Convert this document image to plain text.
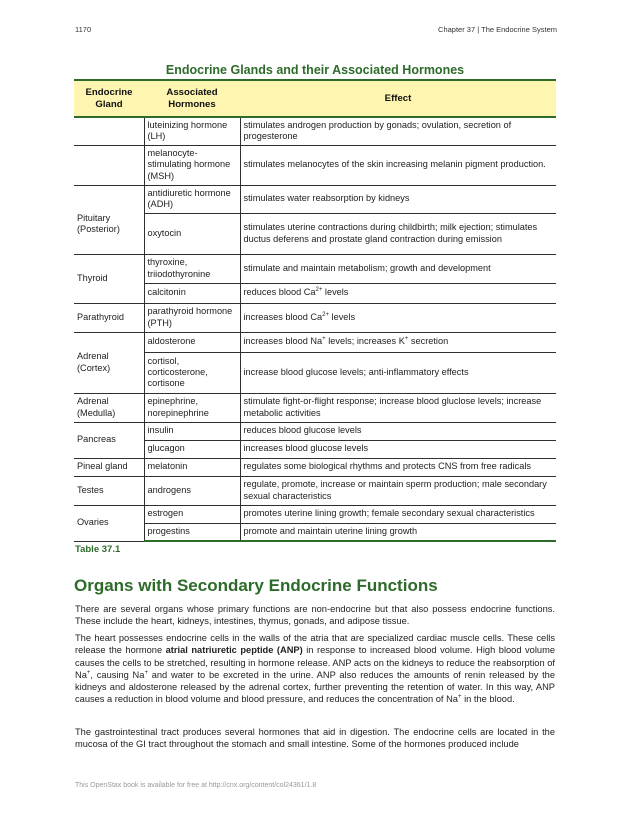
1170	Chapter 37 | The Endocrine System
Endocrine Glands and their Associated Hormones
Endocrine Gland	Associated Hormones	Effect
	luteinizing hormone (LH)	stimulates androgen production by gonads; ovulation, secretion of progesterone
	melanocyte-stimulating hormone (MSH)	stimulates melanocytes of the skin increasing melanin pigment production.
	antidiuretic hormone (ADH)	stimulates water reabsorption by kidneys
Pituitary (Posterior)	oxytocin	stimulates uterine contractions during childbirth; milk ejection; stimulates ductus deferens and prostate gland contraction during emission
Thyroid	thyroxine, triiodothyronine	stimulate and maintain metabolism; growth and development
	calcitonin	reduces blood $Ca^{2+}$ levels
Parathyroid	parathyroid hormone (PTH)	increases blood $Ca^{2+}$ levels
Adrenal (Cortex)	aldosterone	increases blood Na+ levels; increases K+ secretion
	cortisol, corticosterone, cortisone	increase blood glucose levels; anti-inflammatory effects
Adrenal (Medulla)	epinephrine, norepinephrine	stimulate fight-or-flight response; increase blood gluclose levels; increase metabolic activities
Pancreas	insulin	reduces blood glucose levels
	glucagon	increases blood glucose levels
Pineal gland	melatonin	regulates some biological rhythms and protects CNS from free radicals
Testes	androgens	regulate, promote, increase or maintain sperm production; male secondary sexual characteristics
Ovaries	estrogen	promotes uterine lining growth; female secondary sexual characteristics
	progestins	promote and maintain uterine lining growth
Table 37.1
Organs with Secondary Endocrine Functions

There are several organs whose primary functions are non-endocrine but that also possess endocrine functions. These include the heart, kidneys, intestines, thymus, gonads, and adipose tissue.

The heart possesses endocrine cells in the walls of the atria that are specialized cardiac muscle cells. These cells release the hormone atrial natriuretic peptide (ANP) in response to increased blood volume. High blood volume causes the cells to be stretched, resulting in hormone release. ANP acts on the kidneys to reduce the reabsorption of Na+, causing Na+ and water to be excreted in the urine. ANP also reduces the amounts of renin released by the kidneys and aldosterone released by the adrenal cortex, further preventing the retention of water. In this way, ANP causes a reduction in blood volume and blood pressure, and reduces the concentration of Na+ in the blood.

The gastrointestinal tract produces several hormones that aid in digestion. The endocrine cells are located in the mucosa of the GI tract throughout the stomach and small intestine. Some of the hormones produced include

This OpenStax book is available for free at http://cnx.org/content/col24361/1.8
